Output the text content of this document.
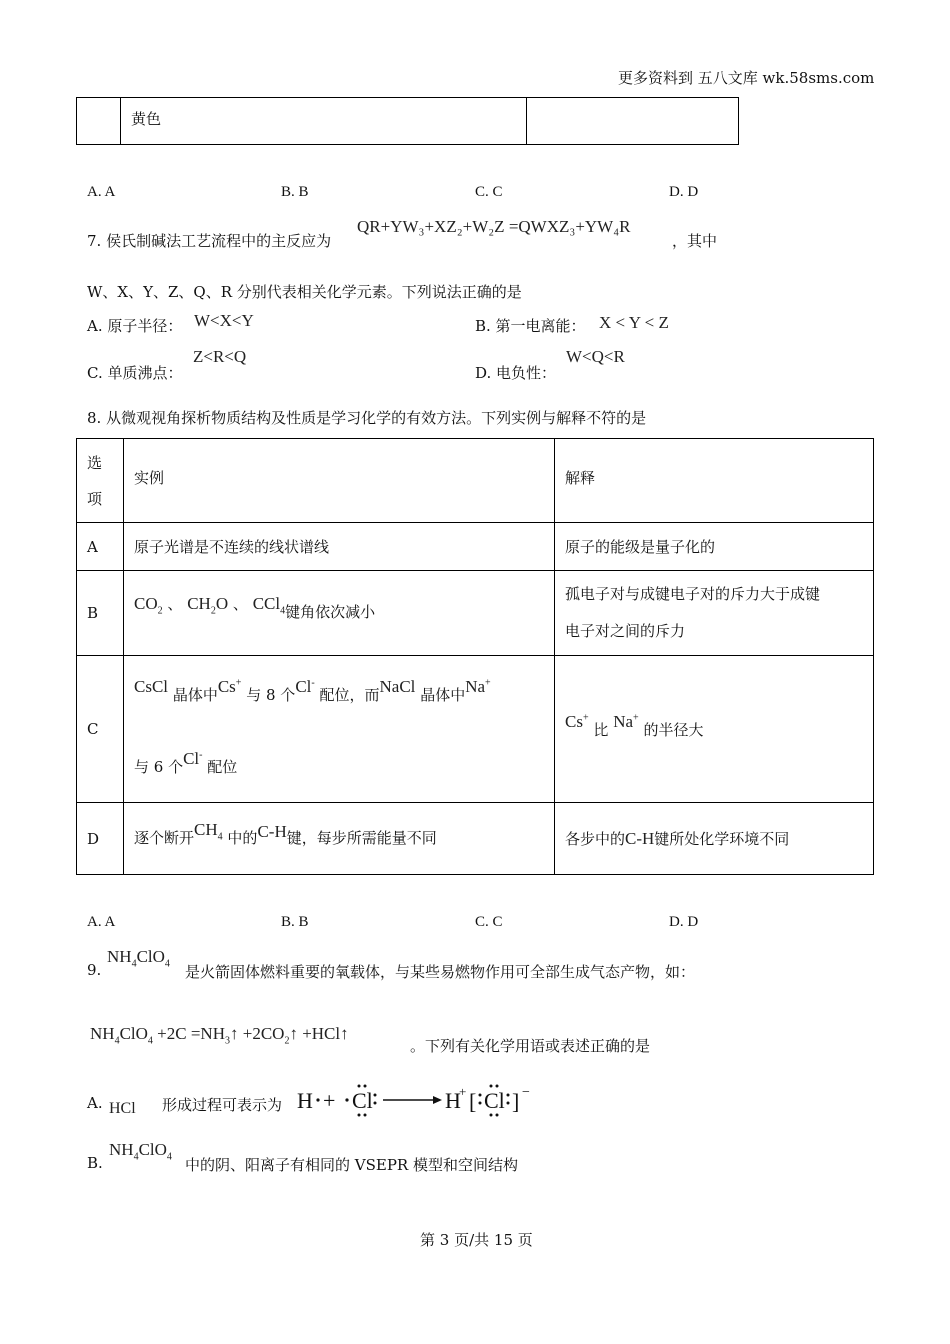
更多资料到 五八文库 wk.58sms.com
	黄色	
A. A	B. B	C. C	D. D
7. 侯氏制碱法工艺流程中的主反应为
QR+YW₃+XZ₂+W₂Z =QWXZ₃+YW₄R
，其中
W、X、Y、Z、Q、R 分别代表相关化学元素。下列说法正确的是
A. 原子半径： W<X<Y	B. 第一电离能： X < Y < Z
C. 单质沸点：
Z<R<Q
D. 电负性：
W<Q<R
8. 从微观视角探析物质结构及性质是学习化学的有效方法。下列实例与解释不符的是
选
项	实例	解释
A	原子光谱是不连续的线状谱线	原子的能级是量子化的
B	$CO_2$ 、 $CH_2O$ 、 CCl$_4$键角依次减小	孤电子对与成键电子对的斥力大于成键
电子对之间的斥力
C	CsCl 晶体中Cs+ 与 8 个Cl- 配位，而NaCl 晶体中Na+
与 6 个Cl- 配位	Cs+ 比 Na+ 的半径大
D	逐个断开$CH_4$ 中的C-H键，每步所需能量不同	各步中的C-H键所处化学环境不同
A. A	B. B	C. C	D. D
9.
$NH_4ClO_4$ 是火箭固体燃料重要的氧载体，与某些易燃物作用可全部生成气态产物，如：
$NH_4ClO_4 +2C$ $=NH_3↑$ $+2CO_2↑$ +HCl↑
。下列有关化学用语或表述正确的是
A. HCl 形成过程可表示为 H + Cl	H
+ [ Cl ] −
B.
$NH_4ClO_4$ 中的阴、阳离子有相同的 VSEPR 模型和空间结构
第 3 页/共 15 页
